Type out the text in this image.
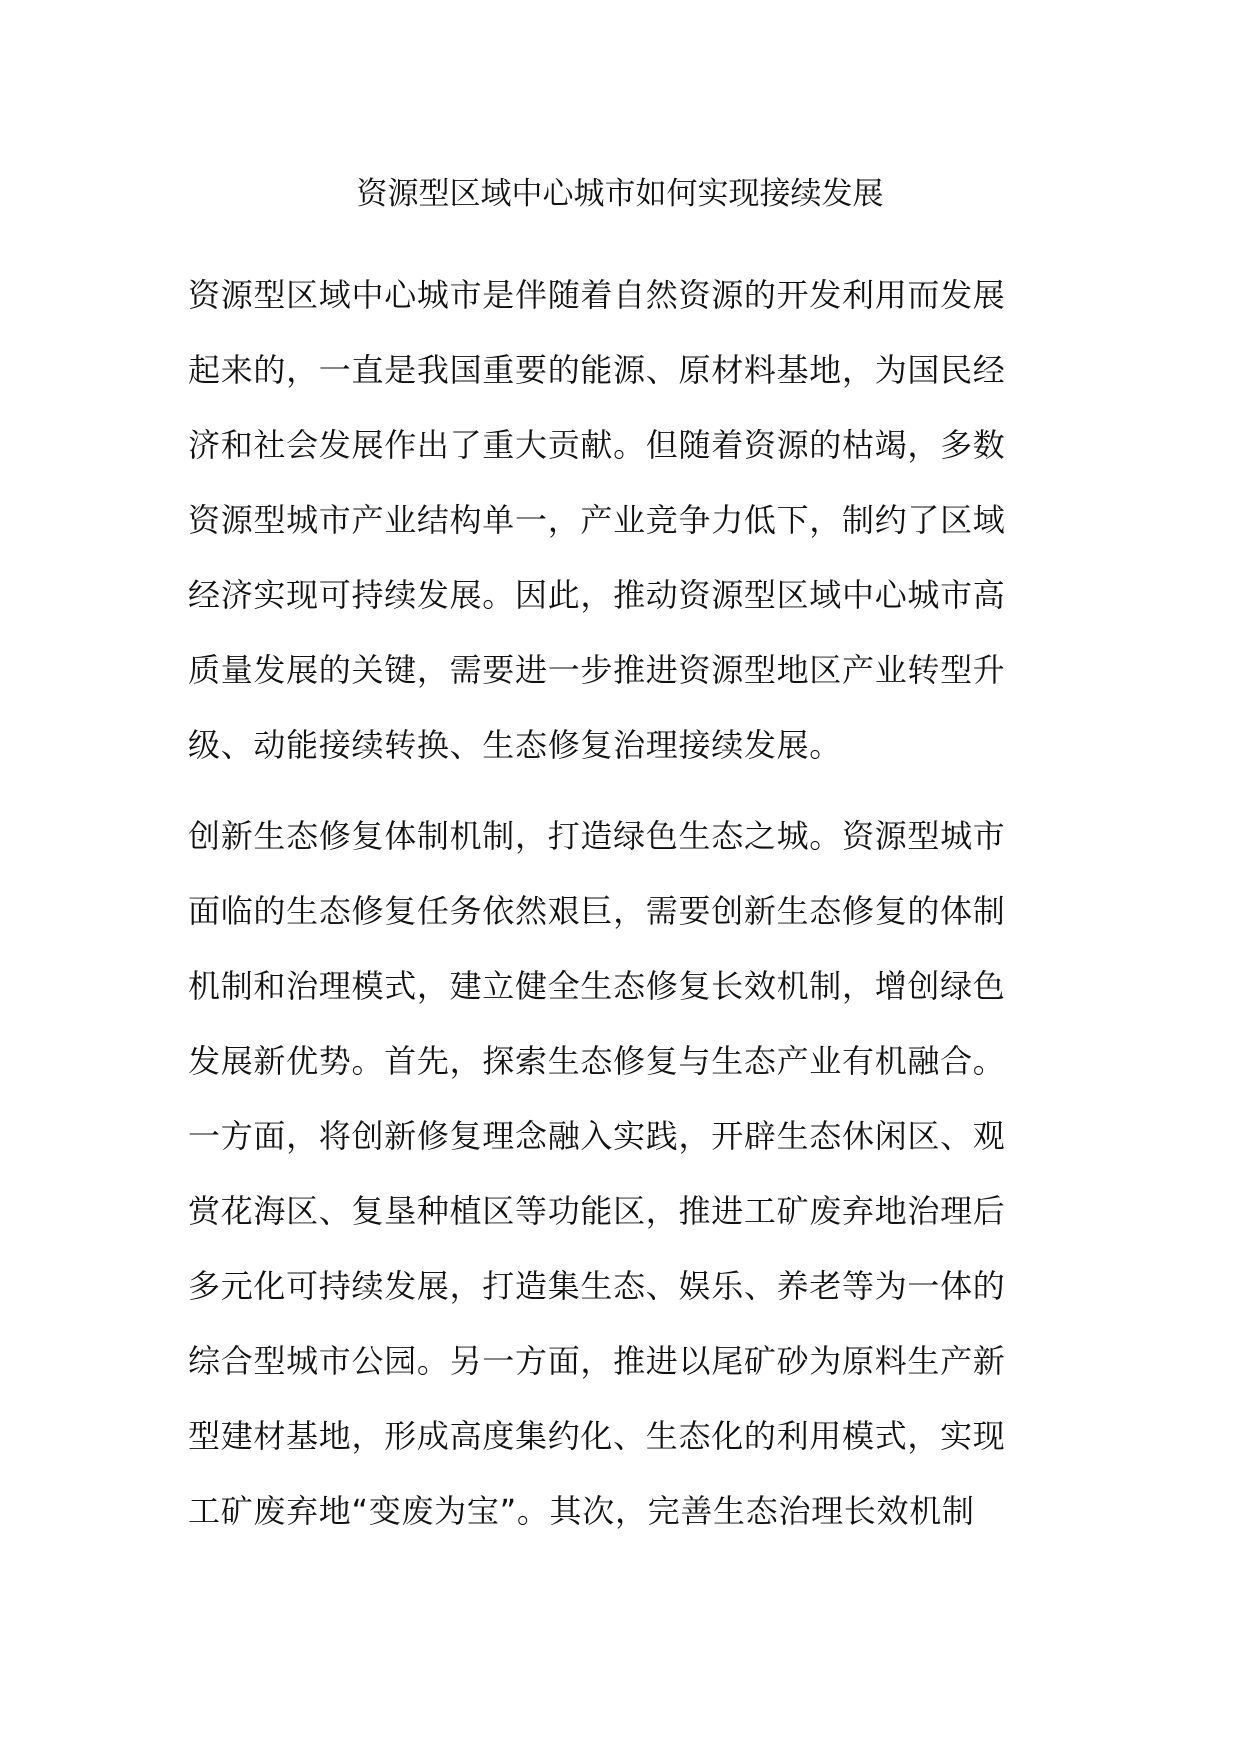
资源型区域中心城市如何实现接续发展
资源型区域中心城市是伴随着自然资源的开发利用而发展
起来的，一直是我国重要的能源、原材料基地，为国民经
济和社会发展作出了重大贡献。但随着资源的枯竭，多数
资源型城市产业结构单一，产业竞争力低下，制约了区域
经济实现可持续发展。因此，推动资源型区域中心城市高
质量发展的关键，需要进一步推进资源型地区产业转型升
级、动能接续转换、生态修复治理接续发展。
创新生态修复体制机制，打造绿色生态之城。资源型城市
面临的生态修复任务依然艰巨，需要创新生态修复的体制
机制和治理模式，建立健全生态修复长效机制，增创绿色
发展新优势。首先，探索生态修复与生态产业有机融合。
一方面，将创新修复理念融入实践，开辟生态休闲区、观
赏花海区、复垦种植区等功能区，推进工矿废弃地治理后
多元化可持续发展，打造集生态、娱乐、养老等为一体的
综合型城市公园。另一方面，推进以尾矿砂为原料生产新
型建材基地，形成高度集约化、生态化的利用模式，实现
工矿废弃地“变废为宝”。其次，完善生态治理长效机制
